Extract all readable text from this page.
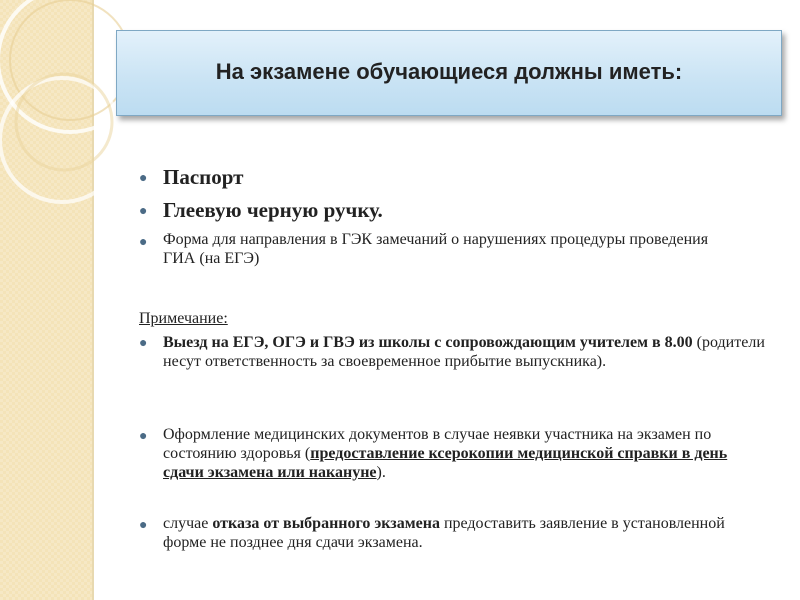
На экзамене обучающиеся должны иметь:
● Паспорт
● Глеевую черную ручку.
● Форма для направления в ГЭК замечаний о нарушениях процедуры проведения ГИА (на ЕГЭ)
Примечание:
● Выезд на ЕГЭ, ОГЭ и ГВЭ из школы с сопровождающим учителем в 8.00 (родители несут ответственность за своевременное прибытие выпускника).
● Оформление медицинских документов в случае неявки участника на экзамен по состоянию здоровья (предоставление ксерокопии медицинской справки в день сдачи экзамена или накануне).
● случае отказа от выбранного экзамена предоставить заявление в установленной форме не позднее дня сдачи экзамена.
